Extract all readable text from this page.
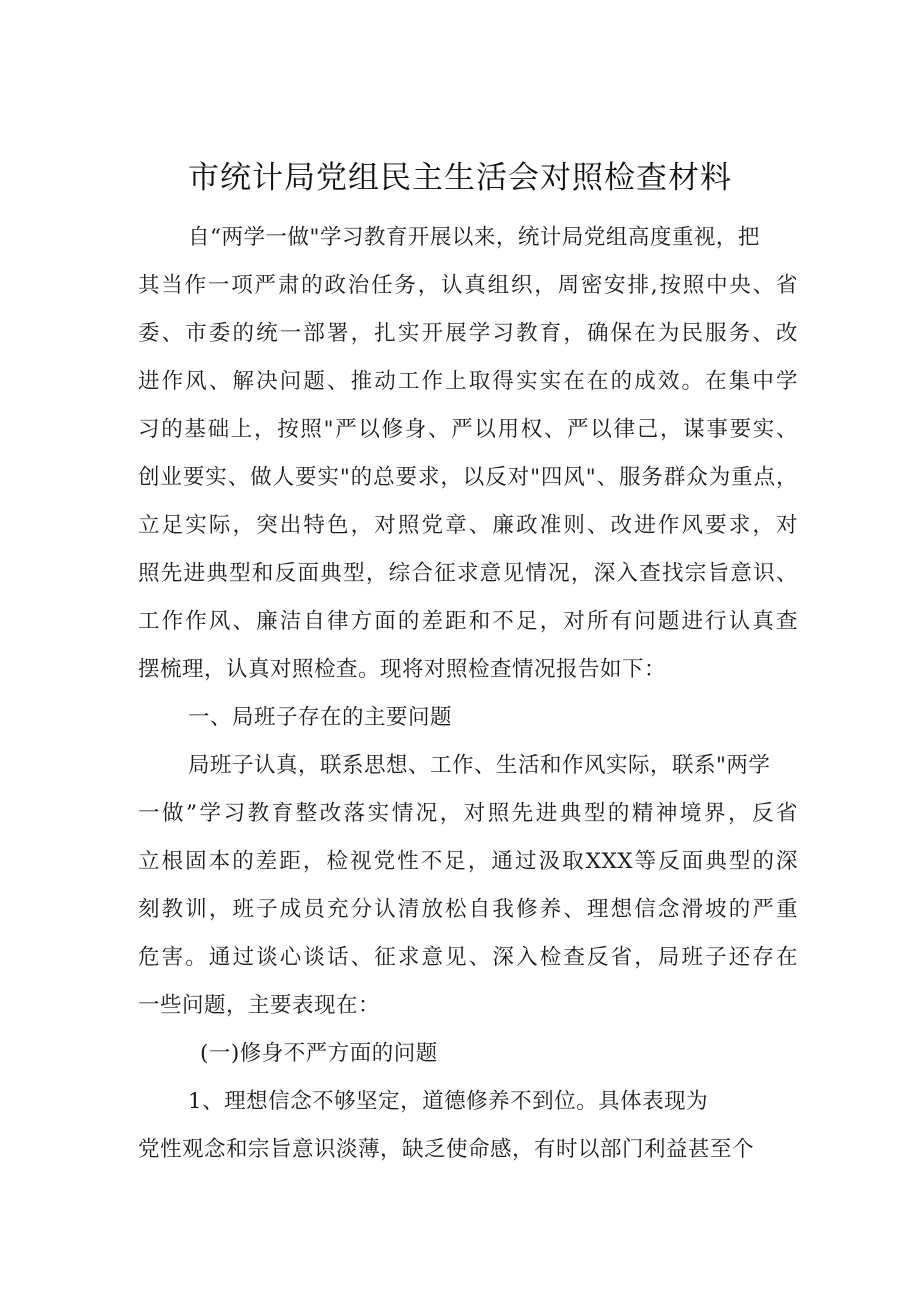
市统计局党组民主生活会对照检查材料
自“两学一做"学习教育开展以来，统计局党组高度重视，把
其当作一项严肃的政治任务，认真组织，周密安排,按照中央、省
委、市委的统一部署，扎实开展学习教育，确保在为民服务、改
进作风、解决问题、推动工作上取得实实在在的成效。在集中学
习的基础上，按照"严以修身、严以用权、严以律己，谋事要实、
创业要实、做人要实"的总要求，以反对"四风"、服务群众为重点，
立足实际，突出特色，对照党章、廉政准则、改进作风要求，对
照先进典型和反面典型，综合征求意见情况，深入查找宗旨意识、
工作作风、廉洁自律方面的差距和不足，对所有问题进行认真查
摆梳理，认真对照检查。现将对照检查情况报告如下：
一、局班子存在的主要问题
局班子认真，联系思想、工作、生活和作风实际，联系"两学
一做”学习教育整改落实情况，对照先进典型的精神境界，反省
立根固本的差距，检视党性不足，通过汲取XXX等反面典型的深
刻教训，班子成员充分认清放松自我修养、理想信念滑坡的严重
危害。通过谈心谈话、征求意见、深入检查反省，局班子还存在
一些问题，主要表现在：
(一)修身不严方面的问题
1、理想信念不够坚定，道德修养不到位。具体表现为
党性观念和宗旨意识淡薄，缺乏使命感，有时以部门利益甚至个
